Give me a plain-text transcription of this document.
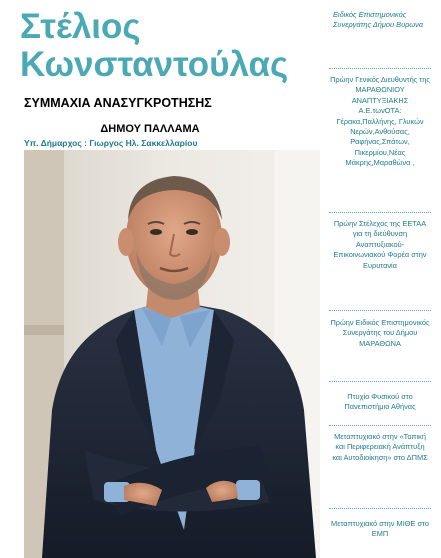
Στέλιος
Κωνσταντούλας
ΣΥΜΜΑΧΙΑ ΑΝΑΣΥΓΚΡΟΤΗΣΗΣ
ΔΗΜΟΥ ΠΑΛΛΑΜΑ
Υπ. Δήμαρχος : Γιωργος Ηλ. Σακκελλαρίου
Ειδικός Επιστημονικός Συνεργάτης Δήμου Βυρωνα
Πρώην Γενικός Διευθυντής της ΜΑΡΑΘΩΝΙΟΥ ΑΝΑΠΤΥΞΙΑΚΗΣ Α.Ε.τωνΟΤΑ: Γέρακα,Παλλήνης, Γλυκών Νερών,Ανθούσας, Ραφήνας,Σπάτων, Πικερμίου,Νέας Μάκρης,Μαραθώνα ,
Πρώην Στέλεχος της ΕΕΤΑΑ για τη διεύθυνση Αναπτυξιακού-Επικοινωνιακού Φορέα στην Ευρυτανία
Πρώην Ειδικός Επιστημονικός Συνεργάτης του Δήμου ΜΑΡΑΘΩΝΑ
Πτυχίο Φυσικού στο Πανεπιστήμιο Αθήνας
Μεταπτυχιακό στην «Τοπική και Περιφερειακή Ανάπτυξη και Αυτοδιοίκηση» στο ΔΠΜΣ
Μεταπτυχιακό στην ΜΙΘΕ στο ΕΜΠ
